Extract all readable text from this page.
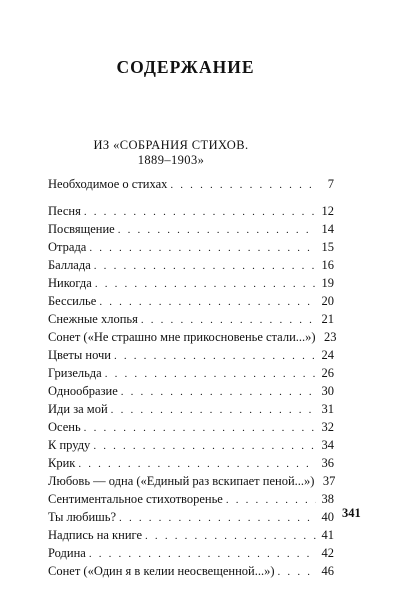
СОДЕРЖАНИЕ
ИЗ «СОБРАНИЯ СТИХОВ.
1889–1903»
Необходимое о стихах . . .	7
Песня . . .	12
Посвящение . . .	14
Отрада . . .	15
Баллада . . .	16
Никогда . . .	19
Бессилье . . .	20
Снежные хлопья . . .	21
Сонет («Не страшно мне прикосновенье стали...») 23
Цветы ночи . . .	24
Гризельда . . .	26
Однообразие . . .	30
Иди за мой . . .	31
Осень . . .	32
К пруду . . .	34
Крик . . .	36
Любовь — одна («Единый раз вскипает пеной...») 37
Сентиментальное стихотворенье . . .	38
Ты любишь? . . .	40
Надпись на книге . . .	41
Родина . . .	42
Сонет («Один я в келии неосвещенной...») . . .	46
341
